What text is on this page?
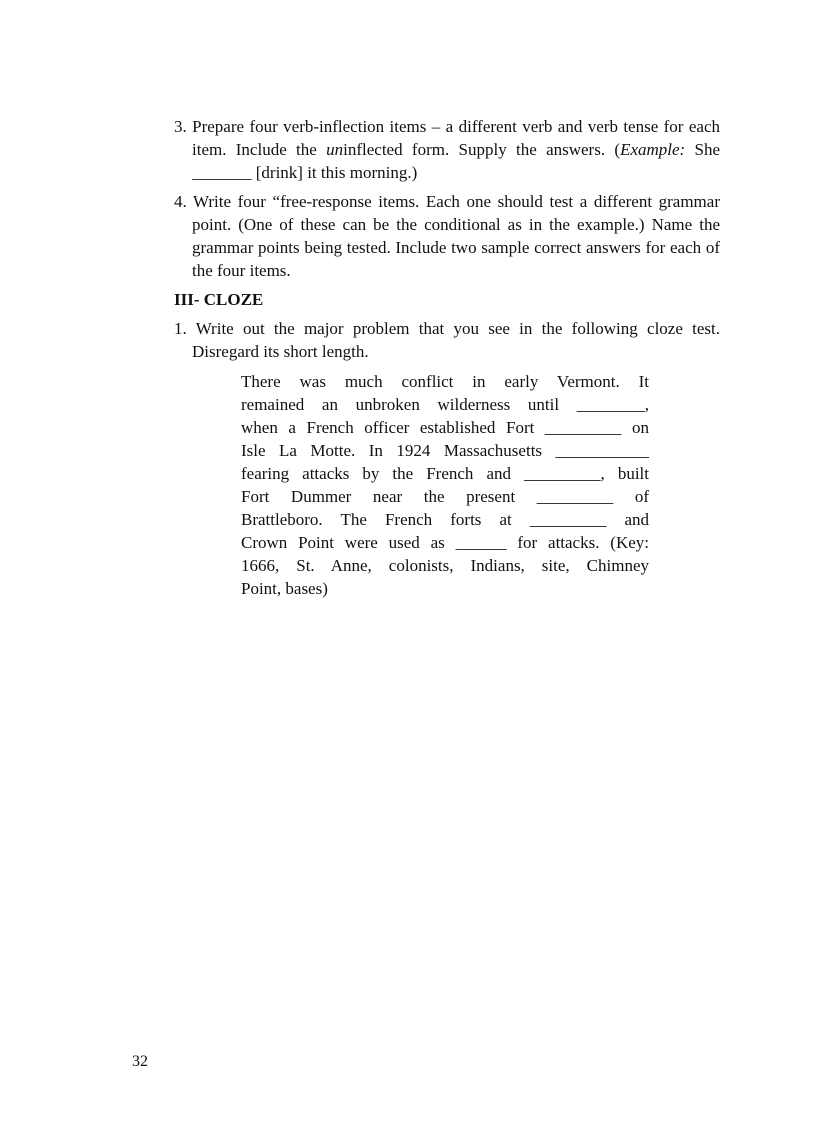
3. Prepare four verb-inflection items – a different verb and verb tense for each item. Include the uninflected form. Supply the answers. (Example: She _______ [drink] it this morning.)

4. Write four “free-response items. Each one should test a different grammar point. (One of these can be the conditional as in the example.) Name the grammar points being tested. Include two sample correct answers for each of the four items.

III- CLOZE

1. Write out the major problem that you see in the following cloze test. Disregard its short length.

There was much conflict in early Vermont. It
remained an unbroken wilderness until ________,
when a French officer established Fort _________ on
Isle La Motte. In 1924 Massachusetts ___________
fearing attacks by the French and _________, built
Fort Dummer near the present _________ of
Brattleboro. The French forts at _________ and
Crown Point were used as ______ for attacks. (Key:
1666, St. Anne, colonists, Indians, site, Chimney
Point, bases)
32
